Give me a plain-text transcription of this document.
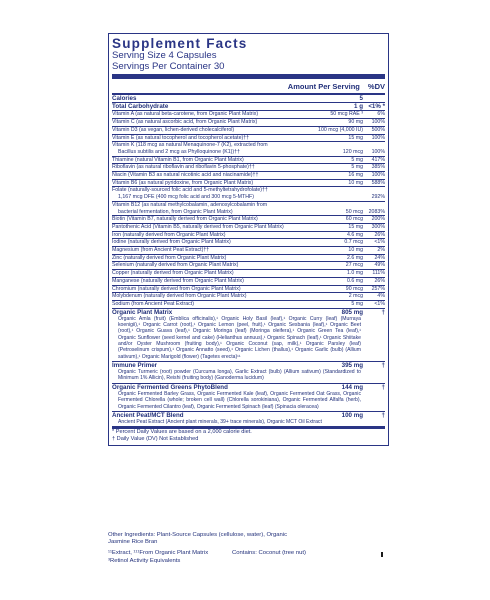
Supplement Facts
Serving Size 4 Capsules
Servings Per Container 30
Amount Per Serving %DV
Calories	5
Total Carbohydrate	1 g <1% *
Vitamin A (as natural beta-carotene, from Organic Plant Matrix)	50 mcg RAE ³	6%
Vitamin C (as natural ascorbic acid, from Organic Plant Matrix)	90 mg	100%
Vitamin D3 (as vegan, lichen-derived cholecalciferol)	100 mcg (4,000 IU)	500%
Vitamin E (as natural tocopherol and tocopherol acetate)††	15 mg	100%
Vitamin K (118 mcg as natural Menaquinone-7 (K2), extracted from
Bacillus subtilis and 2 mcg as Phylloquinone (K1))††	120 mcg	100%
Thiamine (natural Vitamin B1, from Organic Plant Matrix)	5 mg	417%
Riboflavin (as natural riboflavin and riboflavin 5-phosphate)††	5 mg	385%
Niacin (Vitamin B3 as natural nicotinic acid and niacinamide)††	16 mg	100%
Vitamin B6 (as natural pyridoxine, from Organic Plant Matrix)	10 mg	588%
Folate (naturally-sourced folic acid and 5-methyltetrahydrofolate)††
1,167 mcg DFE (400 mcg folic acid and 300 mcg 5-MTHF)	292%
Vitamin B12 (as natural methylcobalamin, adenosylcobalamin from
bacterial fermentation, from Organic Plant Matrix)	50 mcg	2083%
Biotin (Vitamin B7, naturally derived from Organic Plant Matrix)	60 mcg	200%
Pantothenic Acid (Vitamin B5, naturally derived from Organic Plant Matrix)	15 mg	300%
Iron (naturally derived from Organic Plant Matrix)	4.6 mg	26%
Iodine (naturally derived from Organic Plant Matrix)	0.7 mcg	<1%
Magnesium (from Ancient Peat Extract)††	10 mg	2%
Zinc (naturally derived from Organic Plant Matrix)	2.6 mg	24%
Selenium (naturally derived from Organic Plant Matrix)	27 mcg	49%
Copper (naturally derived from Organic Plant Matrix)	1.0 mg	111%
Manganese (naturally derived from Organic Plant Matrix)	0.6 mg	26%
Chromium (naturally derived from Organic Plant Matrix)	90 mcg	257%
Molybdenum (naturally derived from Organic Plant Matrix)	2 mcg	4%
Sodium (from Ancient Peat Extract)	5 mg	<1%
Organic Plant Matrix	805 mg	†
Organic Amla (fruit) (Emblica officinalis),¹ Organic Holy Basil (leaf),¹ Organic Curry (leaf) (Murraya koenigii),¹ Organic Carrot (root),¹ Organic Lemon (peel, fruit),¹ Organic Sesbania (leaf),¹ Organic Beet (root),¹ Organic Guava (leaf),¹ Organic Moringa (leaf) (Moringa oleifera),¹ Organic Green Tea (leaf),¹ Organic Sunflower (seed kernel and cake) (Helianthus annuus),¹ Organic Spinach (leaf),¹ Organic Shiitake and/or Oyster Mushroom (fruiting body),¹ Organic Coconut (sap, milk),¹ Organic Parsley (leaf) (Petroselinum crispum),¹ Organic Annatto (seed),¹ Organic Lichen (thallus),¹ Organic Garlic (bulb) (Allium sativum),¹ Organic Marigold (flower) (Tagetes erecta)¹¹
Immune Primer	395 mg	†
Organic Turmeric (root) powder (Curcuma longa), Garlic Extract (bulb) (Allium sativum) (Standardized to Minimum 1% Allicin), Reishi (fruiting body) (Ganoderma lucidum)
Organic Fermented Greens PhytoBlend	144 mg	†
Organic Fermented Barley Grass, Organic Fermented Kale (leaf), Organic Fermented Oat Grass, Organic Fermented Chlorella (whole; broken cell wall) (Chlorella sorokiniana), Organic Fermented Alfalfa (herb), Organic Fermented Cilantro (leaf), Organic Fermented Spinach (leaf) (Spinacia oleracea)
Ancient Peat/MCT Blend	100 mg	†
Ancient Peat Extract (Ancient plant minerals, 39+ trace minerals), Organic MCT Oil Extract
* Percent Daily Values are based on a 2,000 calorie diet.
† Daily Value (DV) Not Established
Other Ingredients: Plant-Source Capsules (cellulose, water), Organic Jasmine Rice Bran
¹¹Extract, ¹¹¹From Organic Plant Matrix	Contains: Coconut (tree nut)
³Retinol Activity Equivalents
